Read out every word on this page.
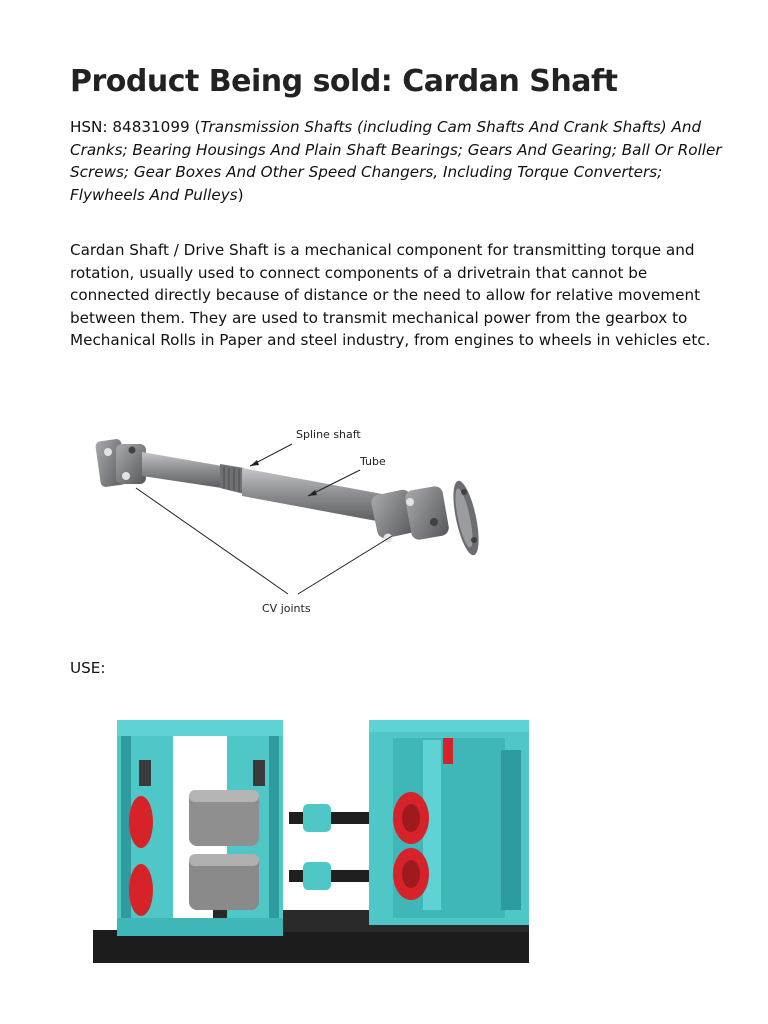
Product Being sold: Cardan Shaft

HSN: 84831099 (Transmission Shafts (including Cam Shafts And Crank Shafts) And Cranks; Bearing Housings And Plain Shaft Bearings; Gears And Gearing; Ball Or Roller Screws; Gear Boxes And Other Speed Changers, Including Torque Converters; Flywheels And Pulleys)

Cardan Shaft / Drive Shaft is a mechanical component for transmitting torque and rotation, usually used to connect components of a drivetrain that cannot be connected directly because of distance or the need to allow for relative movement between them. They are used to transmit mechanical power from the gearbox to Mechanical Rolls in Paper and steel industry, from engines to wheels in vehicles etc.

Spline shaft
Tube
CV joints

USE:
